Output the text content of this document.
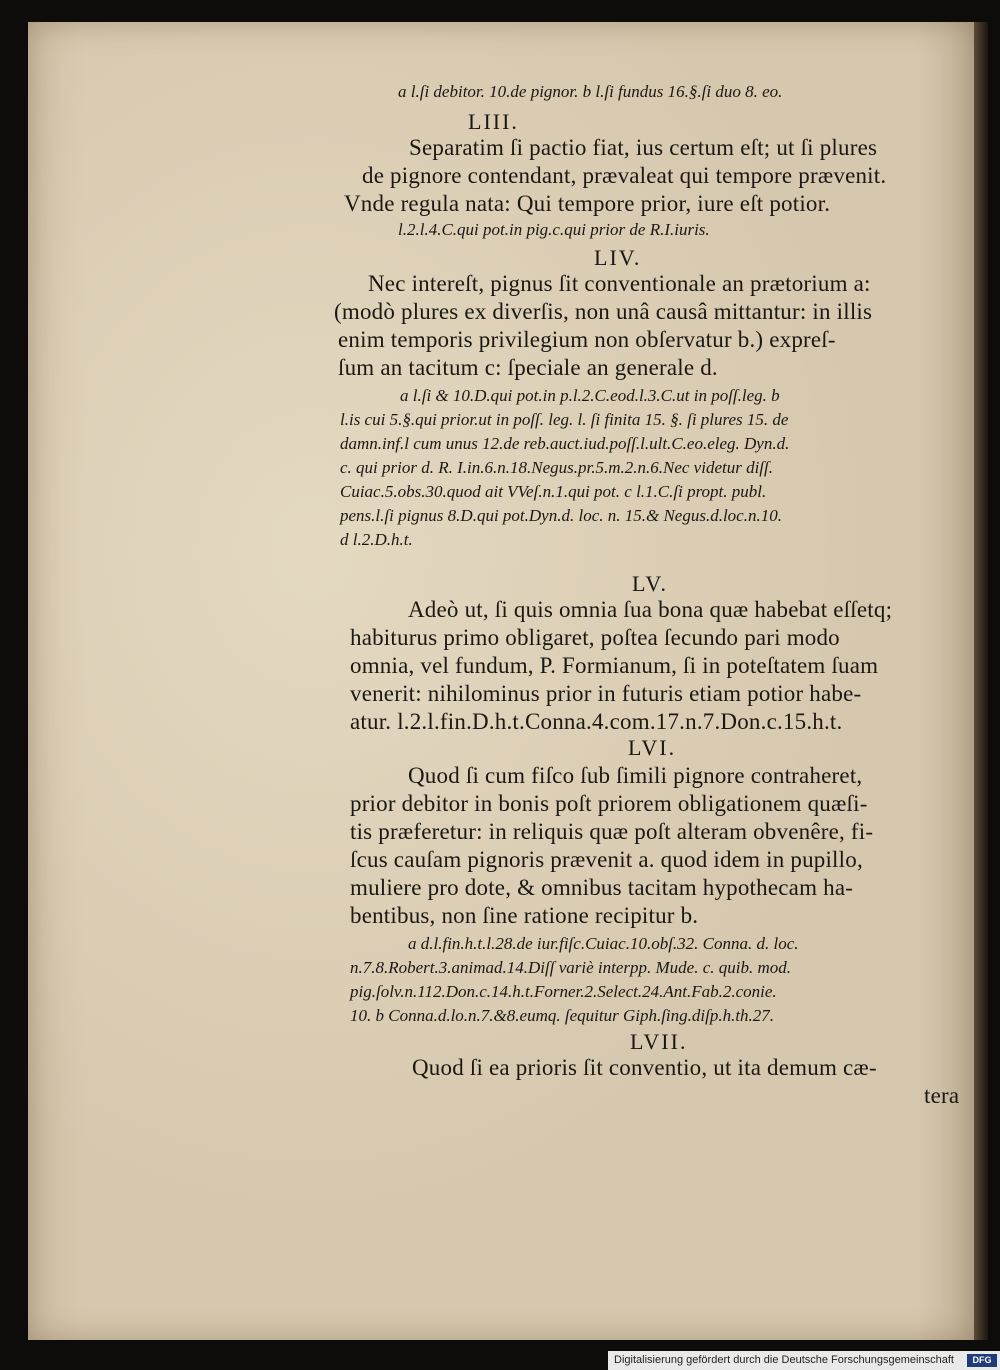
a l.ſi debitor. 10.de pignor. b l.ſi fundus 16.§.ſi duo 8. eo.
LIII.
Separatim ſi pactio fiat, ius certum eſt; ut ſi plures
de pignore contendant, prævaleat qui tempore prævenit.
Vnde regula nata: Qui tempore prior, iure eſt potior.
l.2.l.4.C.qui pot.in pig.c.qui prior de R.I.iuris.
LIV.
Nec intereſt, pignus ſit conventionale an prætorium a:
(modò plures ex diverſis, non unâ causâ mittantur: in illis
enim temporis privilegium non obſervatur b.) expreſ-
ſum an tacitum c: ſpeciale an generale d.
a l.ſi & 10.D.qui pot.in p.l.2.C.eod.l.3.C.ut in poſſ.leg. b
l.is cui 5.§.qui prior.ut in poſſ. leg. l. ſi finita 15. §. ſi plures 15. de
damn.inf.l cum unus 12.de reb.auct.iud.poſſ.l.ult.C.eo.eleg. Dyn.d.
c. qui prior d. R. I.in.6.n.18.Negus.pr.5.m.2.n.6.Nec videtur diſſ.
Cuiac.5.obs.30.quod ait VVeſ.n.1.qui pot. c l.1.C.ſi propt. publ.
pens.l.ſi pignus 8.D.qui pot.Dyn.d. loc. n. 15.& Negus.d.loc.n.10.
d l.2.D.h.t.
LV.
Adeò ut, ſi quis omnia ſua bona quæ habebat eſſetq;
habiturus primo obligaret, poſtea ſecundo pari modo
omnia, vel fundum, P. Formianum, ſi in poteſtatem ſuam
venerit: nihilominus prior in futuris etiam potior habe-
atur. l.2.l.fin.D.h.t.Conna.4.com.17.n.7.Don.c.15.h.t.
LVI.
Quod ſi cum fiſco ſub ſimili pignore contraheret,
prior debitor in bonis poſt priorem obligationem quæſi-
tis præferetur: in reliquis quæ poſt alteram obvenêre, fi-
ſcus cauſam pignoris prævenit a. quod idem in pupillo,
muliere pro dote, & omnibus tacitam hypothecam ha-
bentibus, non ſine ratione recipitur b.
a d.l.fin.h.t.l.28.de iur.fiſc.Cuiac.10.obſ.32. Conna. d. loc.
n.7.8.Robert.3.animad.14.Diſſ variè interpp. Mude. c. quib. mod.
pig.ſolv.n.112.Don.c.14.h.t.Forner.2.Select.24.Ant.Fab.2.conie.
10. b Conna.d.lo.n.7.&8.eumq. ſequitur Giph.ſing.diſp.h.th.27.
LVII.
Quod ſi ea prioris ſit conventio, ut ita demum cæ-
tera
Digitalisierung gefördert durch die Deutsche Forschungsgemeinschaft	DFG
